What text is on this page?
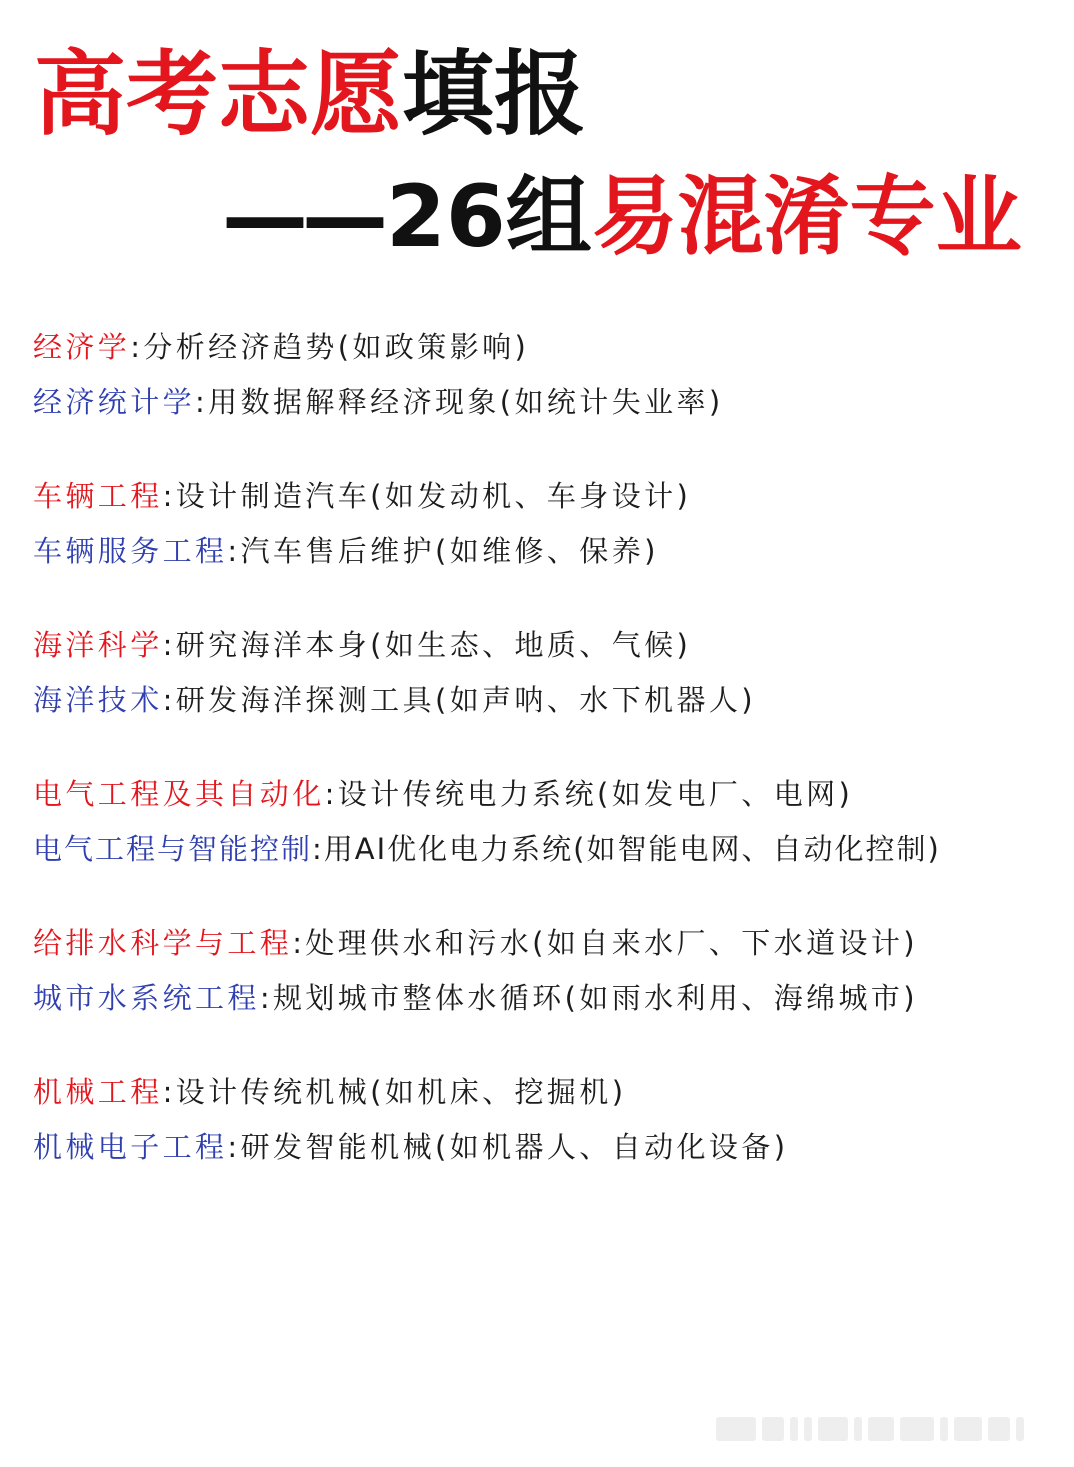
高考志愿填报
——26组易混淆专业
经济学:分析经济趋势(如政策影响)
经济统计学:用数据解释经济现象(如统计失业率)
车辆工程:设计制造汽车(如发动机、车身设计)
车辆服务工程:汽车售后维护(如维修、保养)
海洋科学:研究海洋本身(如生态、地质、气候)
海洋技术:研发海洋探测工具(如声呐、水下机器人)
电气工程及其自动化:设计传统电力系统(如发电厂、电网)
电气工程与智能控制:用AI优化电力系统(如智能电网、自动化控制)
给排水科学与工程:处理供水和污水(如自来水厂、下水道设计)
城市水系统工程:规划城市整体水循环(如雨水利用、海绵城市)
机械工程:设计传统机械(如机床、挖掘机)
机械电子工程:研发智能机械(如机器人、自动化设备)
